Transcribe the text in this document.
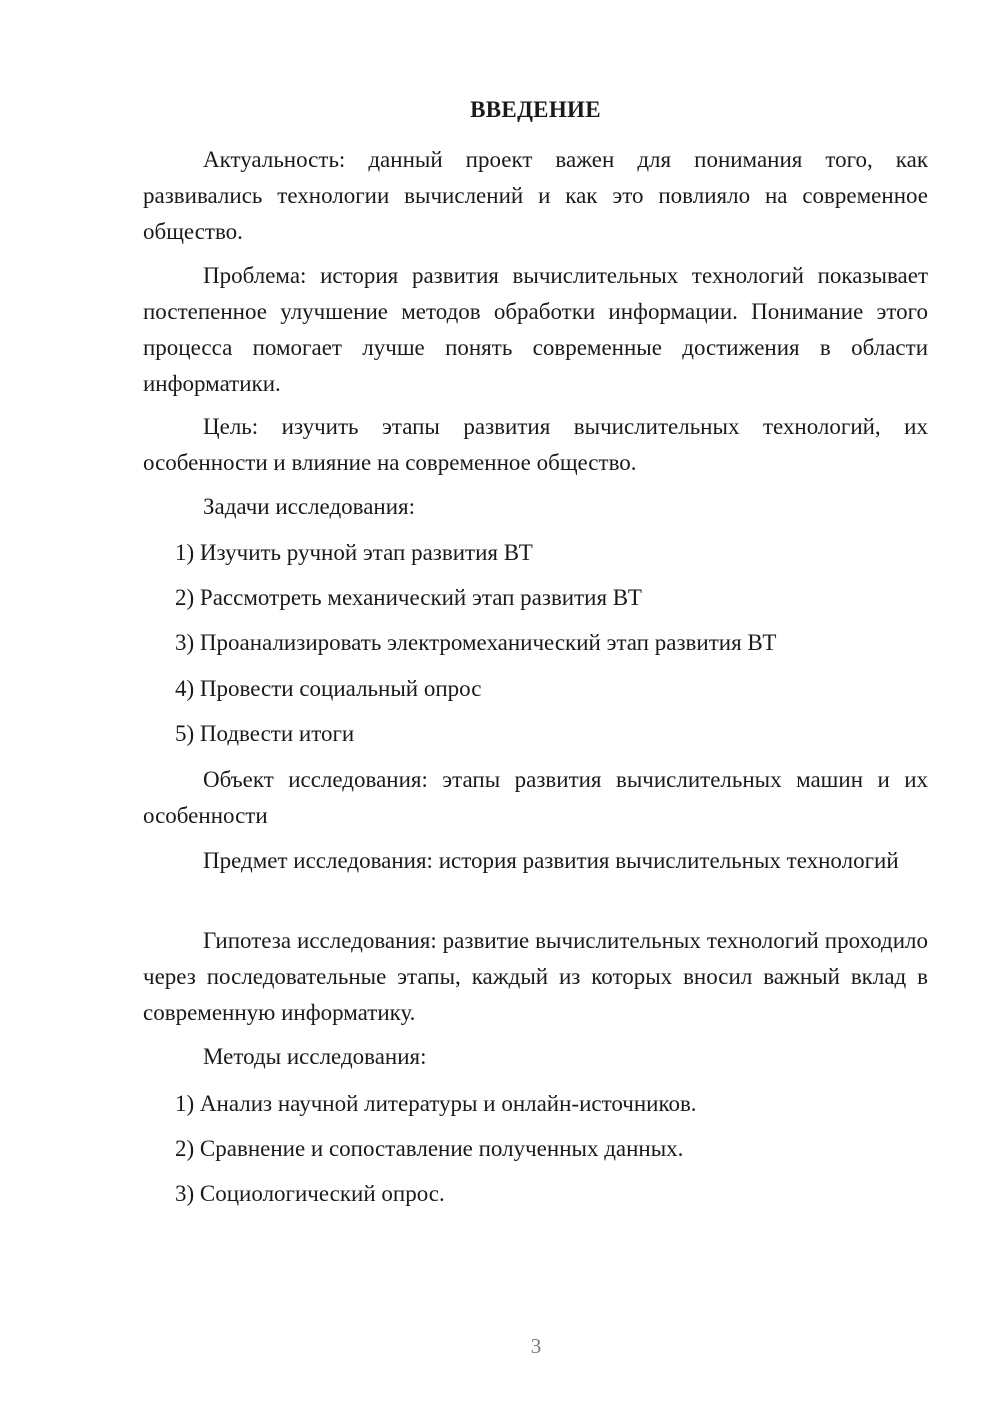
ВВЕДЕНИЕ

Актуальность: данный проект важен для понимания того, как развивались технологии вычислений и как это повлияло на современное общество.

Проблема: история развития вычислительных технологий показывает постепенное улучшение методов обработки информации. Понимание этого процесса помогает лучше понять современные достижения в области информатики.

Цель: изучить этапы развития вычислительных технологий, их особенности и влияние на современное общество.

Задачи исследования:

1) Изучить ручной этап развития ВТ

2) Рассмотреть механический этап развития ВТ

3) Проанализировать электромеханический этап развития ВТ

4) Провести социальный опрос

5) Подвести итоги

Объект исследования: этапы развития вычислительных машин и их особенности

Предмет исследования: история развития вычислительных технологий

Гипотеза исследования: развитие вычислительных технологий проходило через последовательные этапы, каждый из которых вносил важный вклад в современную информатику.

Методы исследования:

1) Анализ научной литературы и онлайн-источников.

2) Сравнение и сопоставление полученных данных.

3) Социологический опрос.

3
